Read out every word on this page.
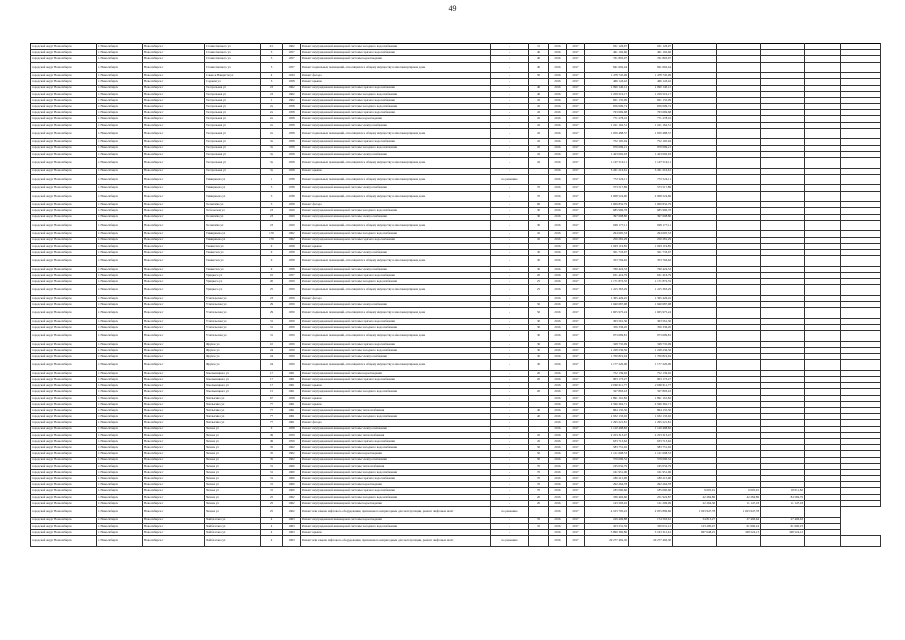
49
городской округ Новосибирск	г. Новосибирск	Новосибирск г	Станиславского ул	4/1	1962	Ремонт внутридомовой инженерной системы холодного водоснабжения	-	31	2016	2017	931 126,97	931 126,97					
городской округ Новосибирск	г. Новосибирск	Новосибирск г	Станиславского ул	5	1957	Ремонт внутридомовой инженерной системы горячего водоснабжения	-	40	2016	2017	461 192,60	461 192,60					
городской округ Новосибирск	г. Новосибирск	Новосибирск г	Станиславского ул	5	1957	Ремонт внутридомовой инженерной системы водоотведения	-	40	2016	2017	761 803,07	761 803,07					
городской округ Новосибирск	г. Новосибирск	Новосибирск г	Станиславского ул	5	1957	Ремонт подвальных помещений, относящихся к общему имуществу в многоквартирном доме	-	40	2016	2017	841 602,44	841 602,44					
городской округ Новосибирск	г. Новосибирск	Новосибирск г	Сакко и Ванцетти ул	4	1934	Ремонт фасада	-	50	2016	2017	1 478 745,09	1 478 745,09					
городской округ Новосибирск	г. Новосибирск	Новосибирск г	Садовая ул	3	1958	Ремонт крыши	-		2016	2017	466 143,42	466 143,42					
городской округ Новосибирск	г. Новосибирск	Новосибирск г	Театральная ул	23	1962	Ремонт внутридомовой инженерной системы горячего водоснабжения	-	40	2016	2017	1 090 140,12	1 090 140,12					
городской округ Новосибирск	г. Новосибирск	Новосибирск г	Театральная ул	23	1962	Ремонт внутридомовой инженерной системы холодного водоснабжения	-	40	2016	2017	1 259 519,17	1 259 519,17					
городской округ Новосибирск	г. Новосибирск	Новосибирск г	Театральная ул	1	1962	Ремонт внутридомовой инженерной системы горячего водоснабжения	-	45	2016	2017	821 135,09	821 135,09					
городской округ Новосибирск	г. Новосибирск	Новосибирск г	Театральная ул	2а	1958	Ремонт внутридомовой инженерной системы холодного водоснабжения	-	45	2016	2017	656 099,74	656 099,74					
городской округ Новосибирск	г. Новосибирск	Новосибирск г	Театральная ул	2а	1958	Ремонт внутридомовой инженерной системы горячего водоснабжения	-	45	2016	2017	763 669,68	763 669,68					
городской округ Новосибирск	г. Новосибирск	Новосибирск г	Театральная ул	2а	1958	Ремонт внутридомовой инженерной системы водоотведения	-	45	2016	2017	771 278,16	771 278,16					
городской округ Новосибирск	г. Новосибирск	Новосибирск г	Театральная ул	2а	1958	Ремонт внутридомовой инженерной системы электроснабжения	-	45	2016	2017	1 221 162,51	1 221 162,51					
городской округ Новосибирск	г. Новосибирск	Новосибирск г	Театральная ул	2а	1958	Ремонт подвальных помещений, относящихся к общему имуществу в многоквартирном доме	-	45	2016	2017	1 050 488,37	1 050 488,37					
городской округ Новосибирск	г. Новосибирск	Новосибирск г	Театральная ул	3а	1958	Ремонт внутридомовой инженерной системы горячего водоснабжения	-	45	2016	2017	752 195,04	752 195,04					
городской округ Новосибирск	г. Новосибирск	Новосибирск г	Театральная ул	3а	1958	Ремонт внутридомовой инженерной системы холодного водоснабжения	-	45	2016	2017	970 099,21	970 099,21					
городской округ Новосибирск	г. Новосибирск	Новосибирск г	Театральная ул	3а	1958	Ремонт внутридомовой инженерной системы электроснабжения	-	45	2016	2017	1 423 092,03	1 423 092,03					
городской округ Новосибирск	г. Новосибирск	Новосибирск г	Театральная ул	3а	1958	Ремонт подвальных помещений, относящихся к общему имуществу в многоквартирном доме	-	45	2016	2017	1 107 519,11	1 107 519,11					
городской округ Новосибирск	г. Новосибирск	Новосибирск г	Театральная ул	3а	1958	Ремонт крыши	-		2016	2017	3 261 216,61	3 261 216,61					
городской округ Новосибирск	г. Новосибирск	Новосибирск г	Тимирязева ул	1	1938	Ремонт подвальных помещений, относящихся к общему имуществу в многоквартирном доме	по решению		2016	2017	772 524,11	772 524,11					
городской округ Новосибирск	г. Новосибирск	Новосибирск г	Тимирязева ул	3	1938	Ремонт внутридомовой инженерной системы электроснабжения	-	70	2016	2017	573 517,89	573 517,89					
городской округ Новосибирск	г. Новосибирск	Новосибирск г	Тимирязева ул	3	1938	Ремонт подвальных помещений, относящихся к общему имуществу в многоквартирном доме	-	70	2016	2017	2 008 524,60	2 008 524,60					
городской округ Новосибирск	г. Новосибирск	Новосибирск г	Толмачёва ул	3	1958	Ремонт фасада	-	60	2016	2017	1 009 832,79	1 009 832,79					
городской округ Новосибирск	г. Новосибирск	Новосибирск г	Тобольская ул	23	1929	Ремонт внутридомовой инженерной системы холодного водоснабжения	-	30	2016	2017	685 996,78	685 996,78					
городской округ Новосибирск	г. Новосибирск	Новосибирск г	Толмачёва ул	23	1929	Ремонт внутридомовой инженерной системы электроснабжения	-	30	2016	2017	397 608,80	397 608,80					
городской округ Новосибирск	г. Новосибирск	Новосибирск г	Толмачёва ул	23	1929	Ремонт подвальных помещений, относящихся к общему имуществу в многоквартирном доме	-	30	2016	2017	609 177,11	609 177,11					
городской округ Новосибирск	г. Новосибирск	Новосибирск г	Тимирязева ул	176	1962	Ремонт внутридомовой инженерной системы холодного водоснабжения	-	45	2016	2017	294 695,33	294 695,33					
городской округ Новосибирск	г. Новосибирск	Новосибирск г	Тимирязева ул	176	1962	Ремонт внутридомовой инженерной системы горячего водоснабжения	-	45	2016	2017	250 281,29	250 281,29					
городской округ Новосибирск	г. Новосибирск	Новосибирск г	Танкистов ул	9	1958	Ремонт крыши	-		2016	2017	1 903 119,85	1 903 119,85					
городской округ Новосибирск	г. Новосибирск	Новосибирск г	Танкистов ул	9	1958	Ремонт внутридомовой инженерной системы электроснабжения	-	30	2016	2017	501 733,07	501 733,07					
городской округ Новосибирск	г. Новосибирск	Новосибирск г	Танкистов ул	9	1958	Ремонт подвальных помещений, относящихся к общему имуществу в многоквартирном доме	-	30	2016	2017	353 794,62	353 794,62					
городской округ Новосибирск	г. Новосибирск	Новосибирск г	Танкистов ул	9	1958	Ремонт внутридомовой инженерной системы электроснабжения	-	30	2016	2017	760 424,33	760 424,33					
городской округ Новосибирск	г. Новосибирск	Новосибирск г	Урицкого ул	10	1957	Ремонт внутридомовой инженерной системы горячего водоснабжения	-	20	2016	2017	631 416,79	631 416,79					
городской округ Новосибирск	г. Новосибирск	Новосибирск г	Урицкого ул	20	1959	Ремонт внутридомовой инженерной системы холодного водоснабжения	-	25	2016	2017	1 171 872,35	1 171 872,35					
городской округ Новосибирск	г. Новосибирск	Новосибирск г	Урицкого ул	25	1959	Ремонт подвальных помещений, относящихся к общему имуществу в многоквартирном доме	-	25	2016	2017	1 415 363,29	1 415 363,29					
городской округ Новосибирск	г. Новосибирск	Новосибирск г	Учительская ул	23	1959	Ремонт фасада	-		2016	2017	1 365 426,45	1 365 426,45					
городской округ Новосибирск	г. Новосибирск	Новосибирск г	Учительская ул	29	1959	Ремонт внутридомовой инженерной системы электроснабжения	-	50	2016	2017	1 940 687,98	1 940 687,98					
городской округ Новосибирск	г. Новосибирск	Новосибирск г	Учительская ул	29	1959	Ремонт подвальных помещений, относящихся к общему имуществу в многоквартирном доме	-	50	2016	2017	1 605 975,24	1 605 975,24					
городской округ Новосибирск	г. Новосибирск	Новосибирск г	Учительская ул	31	1959	Ремонт внутридомовой инженерной системы горячего водоснабжения	-	30	2016	2017	303 561,36	303 561,36					
городской округ Новосибирск	г. Новосибирск	Новосибирск г	Учительская ул	31	1959	Ремонт внутридомовой инженерной системы холодного водоснабжения	-	30	2016	2017	356 336,20	356 336,20					
городской округ Новосибирск	г. Новосибирск	Новосибирск г	Учительская ул	31	1959	Ремонт подвальных помещений, относящихся к общему имуществу в многоквартирном доме	-	30	2016	2017	973 609,81	973 609,81					
городской округ Новосибирск	г. Новосибирск	Новосибирск г	Фрунзе ул	10	1959	Ремонт внутридомовой инженерной системы горячего водоснабжения	-	30	2016	2017	328 735,09	328 735,09					
городской округ Новосибирск	г. Новосибирск	Новосибирск г	Фрунзе ул	24	1959	Ремонт внутридомовой инженерной системы холодного водоснабжения	-	30	2016	2017	1 228 236,56	1 228 236,56					
городской округ Новосибирск	г. Новосибирск	Новосибирск г	Фрунзе ул	24	1959	Ремонт внутридомовой инженерной системы электроснабжения	-	30	2016	2017	1 700 819,04	1 700 819,04					
городской округ Новосибирск	г. Новосибирск	Новосибирск г	Фрунзе ул	24	1959	Ремонт подвальных помещений, относящихся к общему имуществу в многоквартирном доме	-	30	2016	2017	1 177 220,06	1 177 220,06					
городской округ Новосибирск	г. Новосибирск	Новосибирск г	Хмельницкого ул	17	1961	Ремонт внутридомовой инженерной системы водоотведения	-	20	2016	2017	752 139,02	752 139,02					
городской округ Новосибирск	г. Новосибирск	Новосибирск г	Хмельницкого ул	17	1961	Ремонт внутридомовой инженерной системы горячего водоснабжения	-	20	2016	2017	903 173,27	903 173,27					
городской округ Новосибирск	г. Новосибирск	Новосибирск г	Хмельницкого ул	17	1961	Ремонт крыши	-		2016	2017	2 060 611,77	2 060 611,77					
городской округ Новосибирск	г. Новосибирск	Новосибирск г	Хмельницкого ул	15	1961	Ремонт внутридомовой инженерной системы холодного водоснабжения	-	20	2016	2017	327 893,43	327 893,43					
городской округ Новосибирск	г. Новосибирск	Новосибирск г	Чаплыгина ул	67	1958	Ремонт крыши	-		2016	2017	1 891 191,82	1 891 191,82					
городской округ Новосибирск	г. Новосибирск	Новосибирск г	Чаплыгина ул	77	1961	Ремонт крыши	-		2016	2017	2 566 362,71	2 566 362,71					
городской округ Новосибирск	г. Новосибирск	Новосибирск г	Чаплыгина ул	77	1961	Ремонт внутридомовой инженерной системы теплоснабжения	-	40	2016	2017	864 135,50	864 135,50					
городской округ Новосибирск	г. Новосибирск	Новосибирск г	Чаплыгина ул	77	1961	Ремонт внутридомовой инженерной системы холодного водоснабжения	-	40	2016	2017	1 032 133,02	1 032 133,02					
городской округ Новосибирск	г. Новосибирск	Новосибирск г	Чаплыгина ул	77	1961	Ремонт фасада	-		2016	2017	1 295 221,81	1 295 221,81					
городской округ Новосибирск	г. Новосибирск	Новосибирск г	Чехова ул	9	1958	Ремонт внутридомовой инженерной системы электроснабжения	-		2016	2017	1 120 498,82	1 120 498,82					
городской округ Новосибирск	г. Новосибирск	Новосибирск г	Чехова ул	49	1959	Ремонт внутридомовой инженерной системы теплоснабжения	-	45	2016	2017	2 253 313,47	2 253 313,47					
городской округ Новосибирск	г. Новосибирск	Новосибирск г	Чехова ул	49	1959	Ремонт внутридомовой инженерной системы горячего водоснабжения	-	45	2016	2017	633 713,62	633 713,62					
городской округ Новосибирск	г. Новосибирск	Новосибирск г	Чехова ул	35	1962	Ремонт внутридомовой инженерной системы холодного водоснабжения	-	50	2016	2017	583 751,02	583 751,02					
городской округ Новосибирск	г. Новосибирск	Новосибирск г	Чехова ул	35	1962	Ремонт внутридомовой инженерной системы водоотведения	-	50	2016	2017	1 121 608,53	1 121 608,53					
городской округ Новосибирск	г. Новосибирск	Новосибирск г	Чехова ул	35	1962	Ремонт внутридомовой инженерной системы электроснабжения	-	50	2016	2017	579 000,52	579 000,52					
городской округ Новосибирск	г. Новосибирск	Новосибирск г	Чехова ул	31	1960	Ремонт внутридомовой инженерной системы теплоснабжения	-	70	2016	2017	165 032,79	165 032,79					
городской округ Новосибирск	г. Новосибирск	Новосибирск г	Чехова ул	31	1960	Ремонт внутридомовой инженерной системы холодного водоснабжения	-	70	2016	2017	161 951,06	161 951,06					
городской округ Новосибирск	г. Новосибирск	Новосибирск г	Чехова ул	31	1960	Ремонт внутридомовой инженерной системы горячего водоснабжения	-	70	2016	2017	180 215,90	180 215,90					
городской округ Новосибирск	г. Новосибирск	Новосибирск г	Чехова ул	31	1960	Ремонт внутридомовой инженерной системы водоотведения	-	70	2016	2017	292 264,78	292 264,78					
городской округ Новосибирск	г. Новосибирск	Новосибирск г	Чехова ул	31	1960	Ремонт внутридомовой инженерной системы горячего водоснабжения	-	70	2016	2017	185 060,60	185 060,60	9 005,91	9 005,91	18 011,82		
городской округ Новосибирск	г. Новосибирск	Новосибирск г	Чехова ул	25	1962	Ремонт внутридомовой инженерной системы холодного водоснабжения	-	20	2016	2017	336 492,66	251 922,87	42 284,89	42 284,89	84 569,79		
городской округ Новосибирск	г. Новосибирск	Новосибирск г	Чехова ул	25	1962	Ремонт внутридомовой инженерной системы водоотведения	-	20	2016	2017	143 593,45	121 299,09	22 294,36	11 147,18	11 147,18		
городской округ Новосибирск	г. Новосибирск	Новосибирск г	Чехова ул	25	1962	Ремонт или замена лифтового оборудования, признанного непригодным для эксплуатации, ремонт лифтовых шахт	по решению		2016	2017	4 103 795,22	2 055 899,66	1 023 947,78	1 023 947,78			
городской округ Новосибирск	г. Новосибирск	Новосибирск г	Чойбалсана ул	4	1963	Ремонт внутридомовой инженерной системы водоотведения	-	35	2016	2017	229 406,88	174 593,61	54 813,27	27 406,64	27 406,63		
городской округ Новосибирск	г. Новосибирск	Новосибирск г	Чойбалсана ул	4	1963	Ремонт внутридомовой инженерной системы холодного водоснабжения	-	35	2016	2017	453 231,59	330 031,12	123 200,47	61 600,24	61 600,23		
городской округ Новосибирск	г. Новосибирск	Новосибирск г	Чойбалсана ул	4	1963	Ремонт крыши	-		2016	2017	3 890 360,86	3 193 312,61	697 048,25	348 524,13	348 524,12		
городской округ Новосибирск	г. Новосибирск	Новосибирск г	Чойбалсана ул	4	1963	Ремонт или замена лифтового оборудования, признанного непригодным для эксплуатации, ремонт лифтовых шахт	по решению		2016	2017	20 277 492,30	20 277 492,30					
